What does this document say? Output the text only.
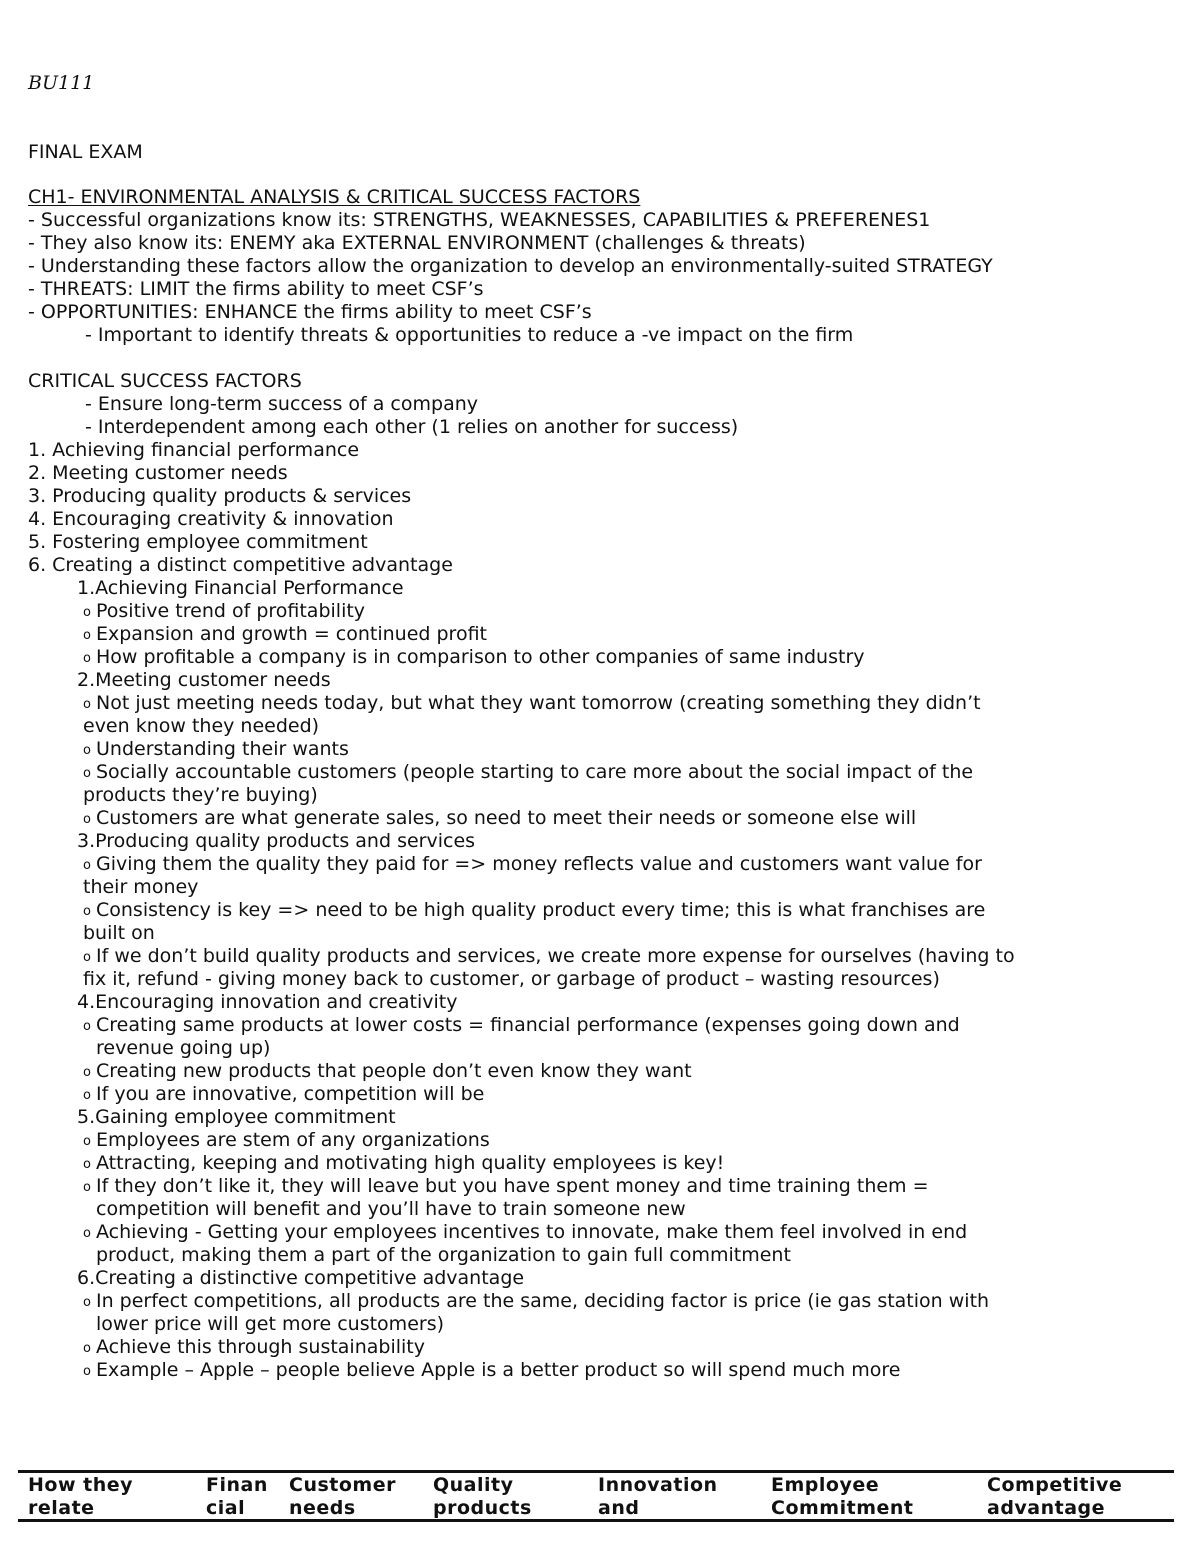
BU111
FINAL EXAM
CH1- ENVIRONMENTAL ANALYSIS & CRITICAL SUCCESS FACTORS
- Successful organizations know its: STRENGTHS, WEAKNESSES, CAPABILITIES & PREFERENES1
- They also know its: ENEMY aka EXTERNAL ENVIRONMENT (challenges & threats)
- Understanding these factors allow the organization to develop an environmentally-suited STRATEGY
- THREATS: LIMIT the firms ability to meet CSF’s
- OPPORTUNITIES: ENHANCE the firms ability to meet CSF’s
- Important to identify threats & opportunities to reduce a -ve impact on the firm
CRITICAL SUCCESS FACTORS
- Ensure long-term success of a company
- Interdependent among each other (1 relies on another for success)
1. Achieving financial performance
2. Meeting customer needs
3. Producing quality products & services
4. Encouraging creativity & innovation
5. Fostering employee commitment
6. Creating a distinct competitive advantage
1.Achieving Financial Performance
o Positive trend of profitability
o Expansion and growth = continued profit
o How profitable a company is in comparison to other companies of same industry
2.Meeting customer needs
o Not just meeting needs today, but what they want tomorrow (creating something they didn’t
even know they needed)
o Understanding their wants
o Socially accountable customers (people starting to care more about the social impact of the
products they’re buying)
o Customers are what generate sales, so need to meet their needs or someone else will
3.Producing quality products and services
o Giving them the quality they paid for => money reflects value and customers want value for
their money
o Consistency is key => need to be high quality product every time; this is what franchises are
built on
o If we don’t build quality products and services, we create more expense for ourselves (having to
fix it, refund - giving money back to customer, or garbage of product – wasting resources)
4.Encouraging innovation and creativity
o Creating same products at lower costs = financial performance (expenses going down and
revenue going up)
o Creating new products that people don’t even know they want
o If you are innovative, competition will be
5.Gaining employee commitment
o Employees are stem of any organizations
o Attracting, keeping and motivating high quality employees is key!
o If they don’t like it, they will leave but you have spent money and time training them =
competition will benefit and you’ll have to train someone new
o Achieving - Getting your employees incentives to innovate, make them feel involved in end
product, making them a part of the organization to gain full commitment
6.Creating a distinctive competitive advantage
o In perfect competitions, all products are the same, deciding factor is price (ie gas station with
lower price will get more customers)
o Achieve this through sustainability
o Example – Apple – people believe Apple is a better product so will spend much more
How they
relate
Finan
cial
Customer
needs
Quality
products
Innovation
and
Employee
Commitment
Competitive
advantage
